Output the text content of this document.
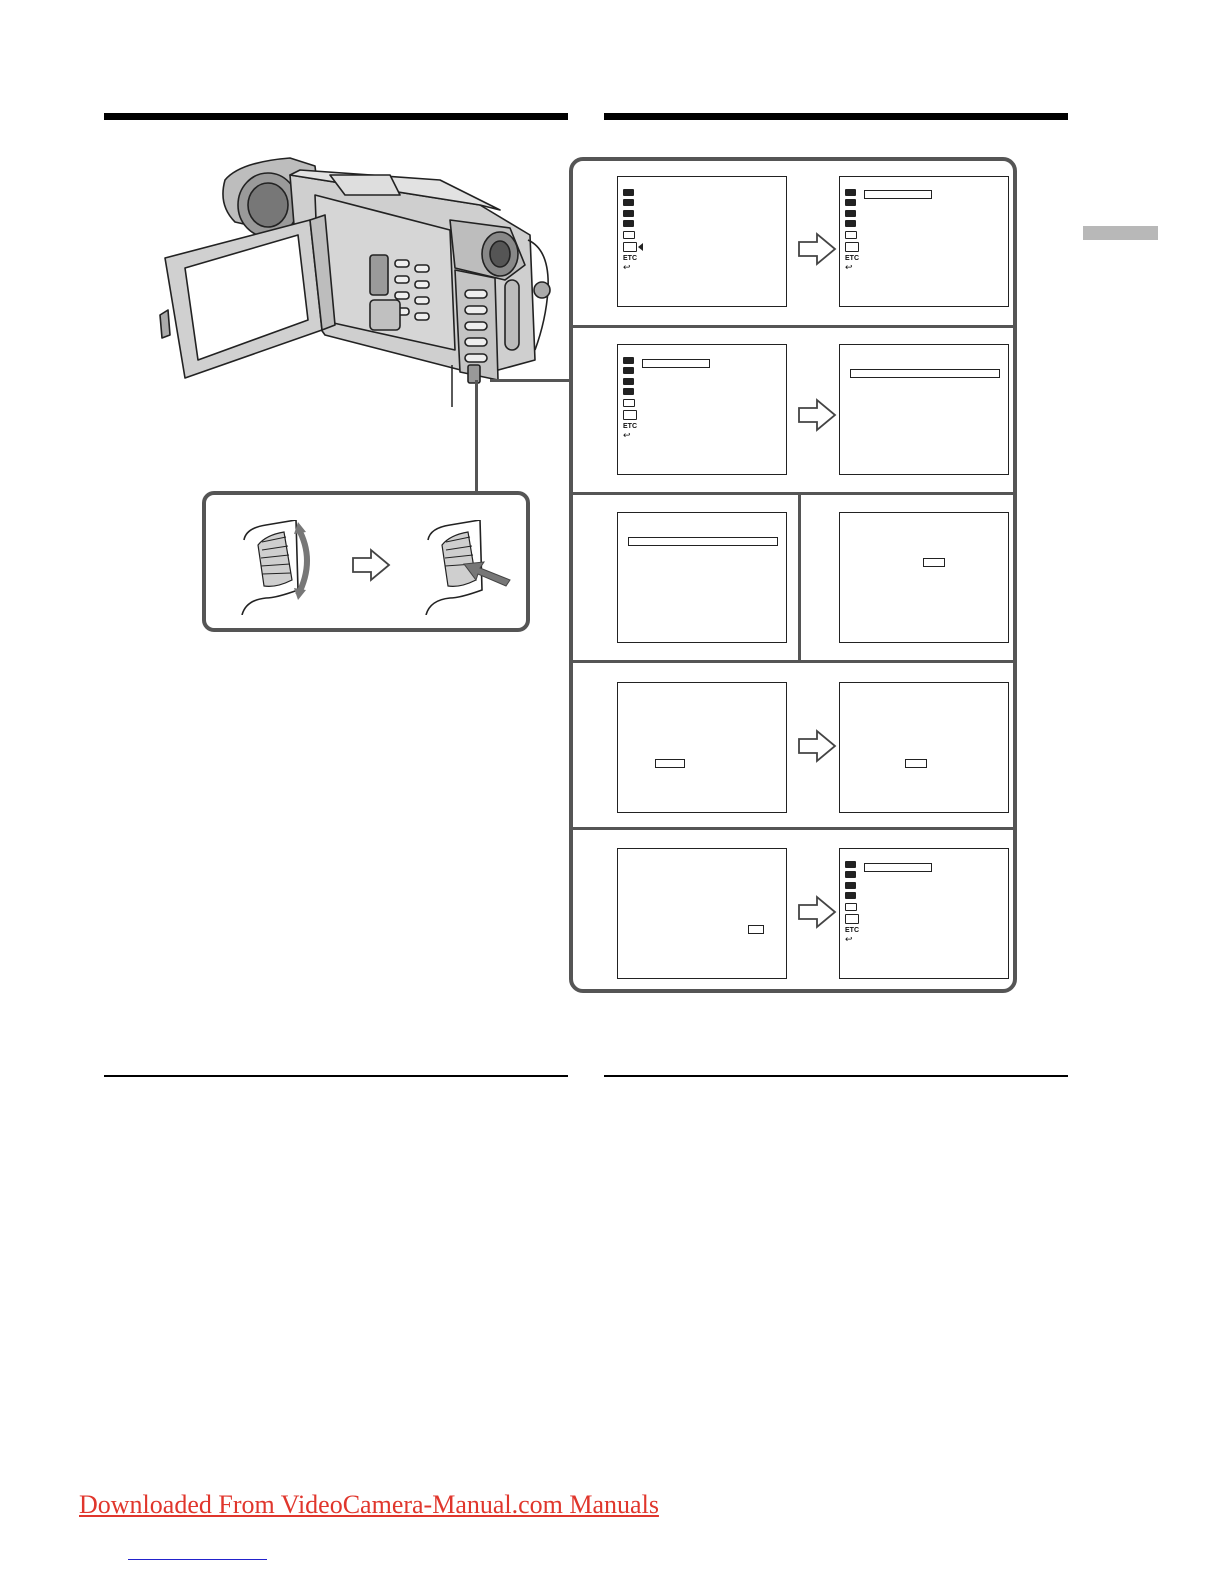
ETC
↩
ETC
↩
ETC
↩
ETC
↩
Downloaded From VideoCamera-Manual.com Manuals
